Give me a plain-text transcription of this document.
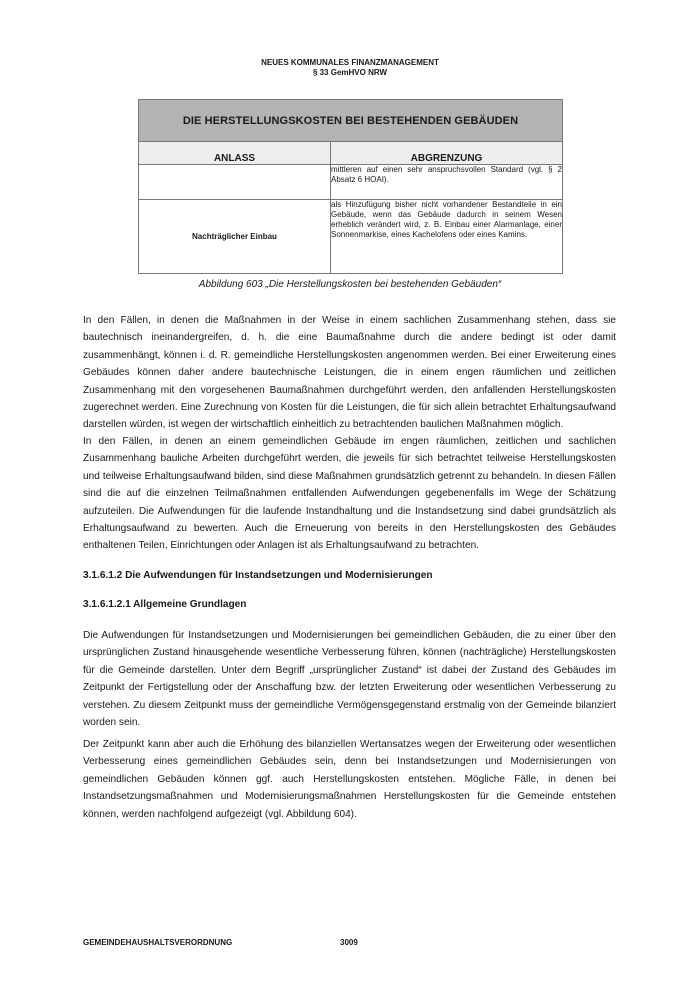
NEUES KOMMUNALES FINANZMANAGEMENT
§ 33 GemHVO NRW
DIE HERSTELLUNGSKOSTEN BEI BESTEHENDEN GEBÄUDEN	
ANLASS	ABGRENZUNG
	mittleren auf einen sehr anspruchsvollen Standard (vgl. § 2 Absatz 6 HOAI).
Nachträglicher Einbau	als Hinzufügung bisher nicht vorhandener Bestandteile in ein Gebäude, wenn das Gebäude dadurch in seinem Wesen erheblich verändert wird, z. B. Einbau einer Alarmanlage, einer Sonnenmarkise, eines Kachelofens oder eines Kamins.
Abbildung 603 „Die Herstellungskosten bei bestehenden Gebäuden“

In den Fällen, in denen die Maßnahmen in der Weise in einem sachlichen Zusammenhang stehen, dass sie bautechnisch ineinandergreifen, d. h. die eine Baumaßnahme durch die andere bedingt ist oder damit zusammenhängt, können i. d. R. gemeindliche Herstellungskosten angenommen werden. Bei einer Erweiterung eines Gebäudes können daher andere bautechnische Leistungen, die in einem engen räumlichen und zeitlichen Zusammenhang mit den vorgesehenen Baumaßnahmen durchgeführt werden, den anfallenden Herstellungskosten zugerechnet werden. Eine Zurechnung von Kosten für die Leistungen, die für sich allein betrachtet Erhaltungsaufwand darstellen würden, ist wegen der wirtschaftlich einheitlich zu betrachtenden baulichen Maßnahmen möglich.

In den Fällen, in denen an einem gemeindlichen Gebäude im engen räumlichen, zeitlichen und sachlichen Zusammenhang bauliche Arbeiten durchgeführt werden, die jeweils für sich betrachtet teilweise Herstellungskosten und teilweise Erhaltungsaufwand bilden, sind diese Maßnahmen grundsätzlich getrennt zu behandeln. In diesen Fällen sind die auf die einzelnen Teilmaßnahmen entfallenden Aufwendungen gegebenenfalls im Wege der Schätzung aufzuteilen. Die Aufwendungen für die laufende Instandhaltung und die Instandsetzung sind dabei grundsätzlich als Erhaltungsaufwand zu bewerten. Auch die Erneuerung von bereits in den Herstellungskosten des Gebäudes enthaltenen Teilen, Einrichtungen oder Anlagen ist als Erhaltungsaufwand zu betrachten.

3.1.6.1.2 Die Aufwendungen für Instandsetzungen und Modernisierungen

3.1.6.1.2.1 Allgemeine Grundlagen

Die Aufwendungen für Instandsetzungen und Modernisierungen bei gemeindlichen Gebäuden, die zu einer über den ursprünglichen Zustand hinausgehende wesentliche Verbesserung führen, können (nachträgliche) Herstellungskosten für die Gemeinde darstellen. Unter dem Begriff „ursprünglicher Zustand“ ist dabei der Zustand des Gebäudes im Zeitpunkt der Fertigstellung oder der Anschaffung bzw. der letzten Erweiterung oder wesentlichen Verbesserung zu verstehen. Zu diesem Zeitpunkt muss der gemeindliche Vermögensgegenstand erstmalig von der Gemeinde bilanziert worden sein.

Der Zeitpunkt kann aber auch die Erhöhung des bilanziellen Wertansatzes wegen der Erweiterung oder wesentlichen Verbesserung eines gemeindlichen Gebäudes sein, denn bei Instandsetzungen und Modernisierungen von gemeindlichen Gebäuden können ggf. auch Herstellungskosten entstehen. Mögliche Fälle, in denen bei Instandsetzungsmaßnahmen und Modernisierungsmaßnahmen Herstellungskosten für die Gemeinde entstehen können, werden nachfolgend aufgezeigt (vgl. Abbildung 604).

GEMEINDEHAUSHALTSVERORDNUNG	3009
